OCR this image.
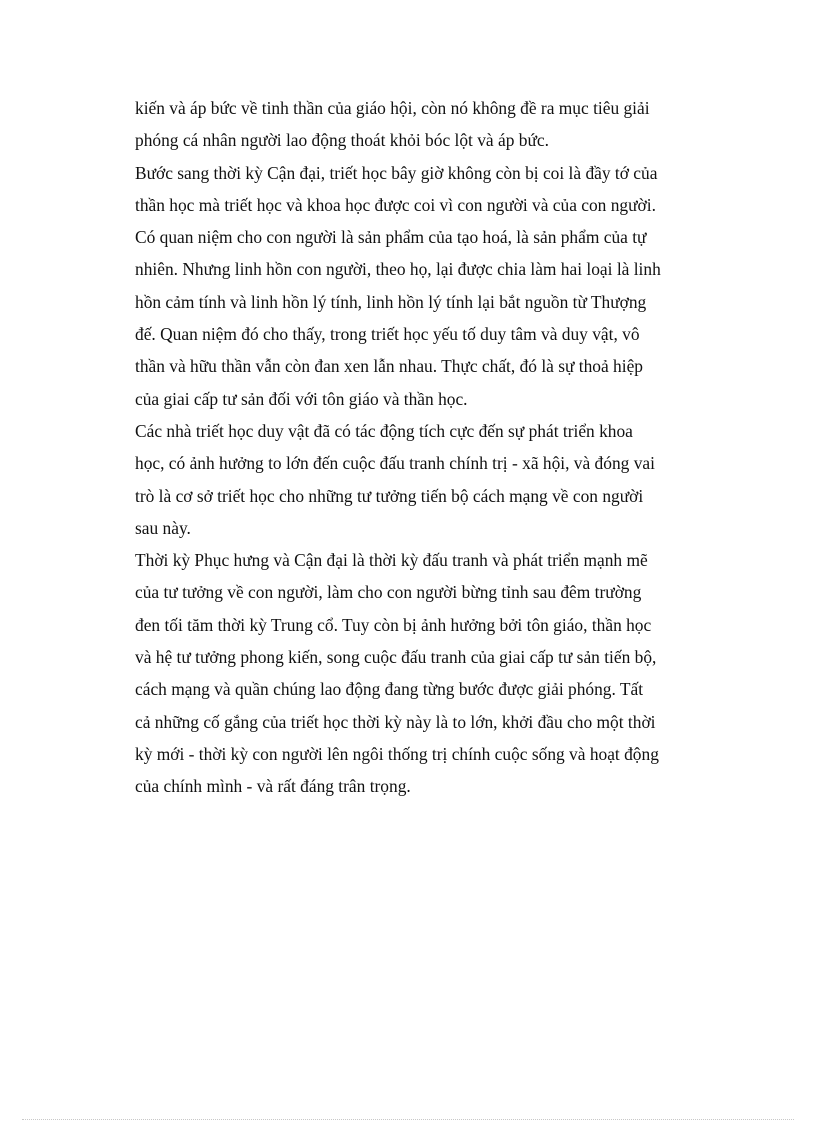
kiến và áp bức về tinh thần của giáo hội, còn nó không đề ra mục tiêu giải
phóng cá nhân người lao động thoát khỏi bóc lột và áp bức.
Bước sang thời kỳ Cận đại, triết học bây giờ không còn bị coi là đầy tớ của
thần học mà triết học và khoa học được coi vì con người và của con người.
Có quan niệm cho con người là sản phẩm của tạo hoá, là sản phẩm của tự
nhiên. Nhưng linh hồn con người, theo họ, lại được chia làm hai loại là linh
hồn cảm tính và linh hồn lý tính, linh hồn lý tính lại bắt nguồn từ Thượng
đế. Quan niệm đó cho thấy, trong triết học yếu tố duy tâm và duy vật, vô
thần và hữu thần vẫn còn đan xen lẫn nhau. Thực chất, đó là sự thoả hiệp
của giai cấp tư sản đối với tôn giáo và thần học.
Các nhà triết học duy vật đã có tác động tích cực đến sự phát triển khoa
học, có ảnh hưởng to lớn đến cuộc đấu tranh chính trị - xã hội, và đóng vai
trò là cơ sở triết học cho những tư tưởng tiến bộ cách mạng về con người
sau này.
Thời kỳ Phục hưng và Cận đại là thời kỳ đấu tranh và phát triển mạnh mẽ
của tư tưởng về con người, làm cho con người bừng tỉnh sau đêm trường
đen tối tăm thời kỳ Trung cổ. Tuy còn bị ảnh hưởng bởi tôn giáo, thần học
và hệ tư tưởng phong kiến, song cuộc đấu tranh của giai cấp tư sản tiến bộ,
cách mạng và quần chúng lao động đang từng bước được giải phóng. Tất
cả những cố gắng của triết học thời kỳ này là to lớn, khởi đầu cho một thời
kỳ mới - thời kỳ con người lên ngôi thống trị chính cuộc sống và hoạt động
của chính mình - và rất đáng trân trọng.
